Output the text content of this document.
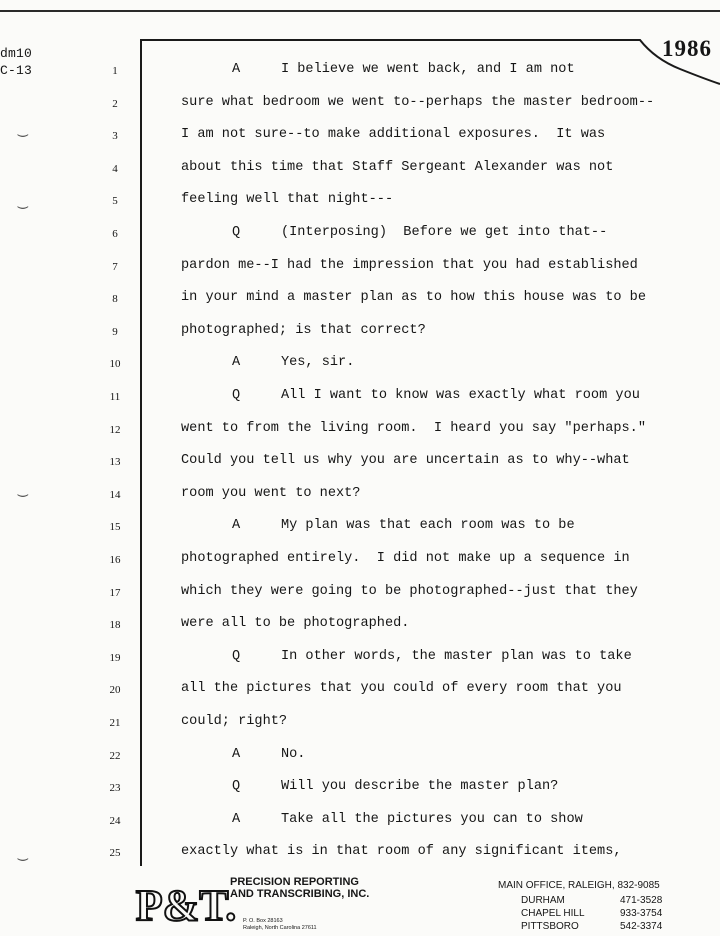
dm10
C-13
1986
‿
‿
‿
‿
1	A     I believe we went back, and I am not
2	sure what bedroom we went to--perhaps the master bedroom--
3	I am not sure--to make additional exposures.  It was
4	about this time that Staff Sergeant Alexander was not
5	feeling well that night---
6	Q     (Interposing)  Before we get into that--
7	pardon me--I had the impression that you had established
8	in your mind a master plan as to how this house was to be
9	photographed; is that correct?
10	A     Yes, sir.
11	Q     All I want to know was exactly what room you
12	went to from the living room.  I heard you say "perhaps."
13	Could you tell us why you are uncertain as to why--what
14	room you went to next?
15	A     My plan was that each room was to be
16	photographed entirely.  I did not make up a sequence in
17	which they were going to be photographed--just that they
18	were all to be photographed.
19	Q     In other words, the master plan was to take
20	all the pictures that you could of every room that you
21	could; right?
22	A     No.
23	Q     Will you describe the master plan?
24	A     Take all the pictures you can to show
25	exactly what is in that room of any significant items,
P&T.
PRECISION REPORTING
AND TRANSCRIBING, INC.
P. O. Box 28163
Raleigh, North Carolina 27611
MAIN OFFICE, RALEIGH, 832-9085
DURHAM	471-3528
CHAPEL HILL	933-3754
PITTSBORO	542-3374
